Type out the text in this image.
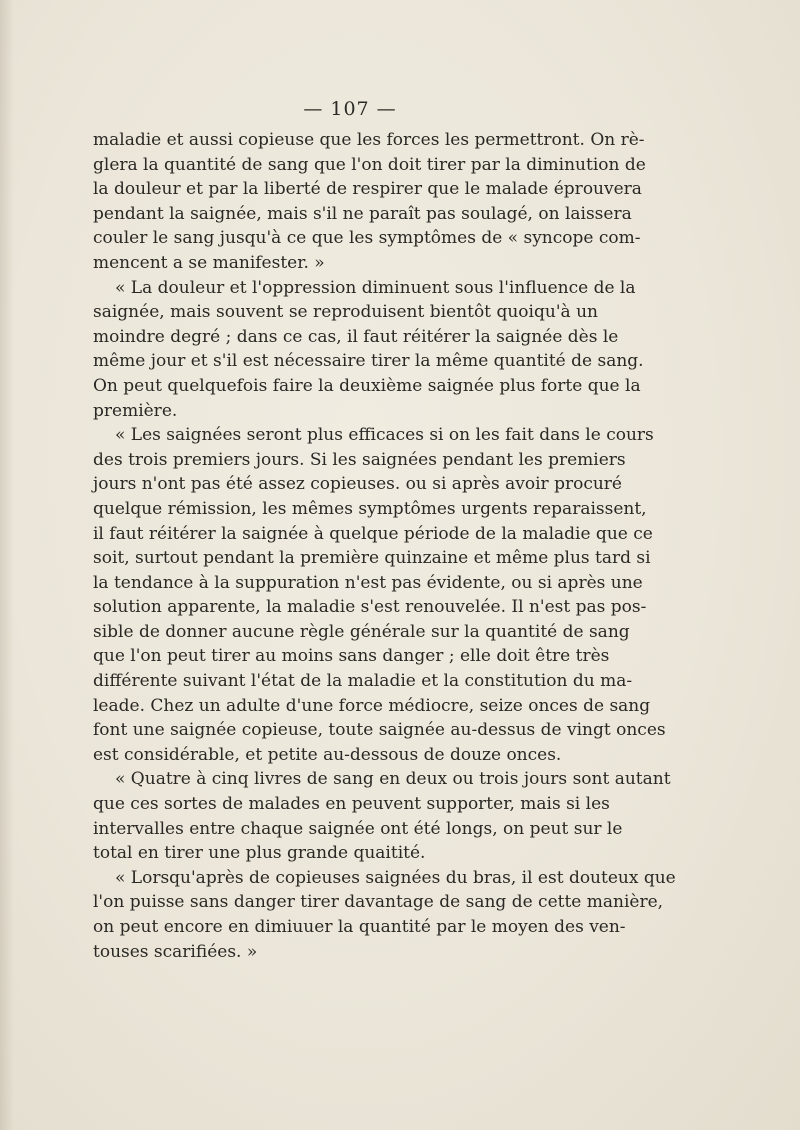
— 107 —
maladie et aussi copieuse que les forces les permettront. On rè-
glera la quantité de sang que l'on doit tirer par la diminution de
la douleur et par la liberté de respirer que le malade éprouvera
pendant la saignée, mais s'il ne paraît pas soulagé, on laissera
couler le sang jusqu'à ce que les symptômes de « syncope com-
mencent a se manifester. »
« La douleur et l'oppression diminuent sous l'influence de la
saignée, mais souvent se reproduisent bientôt quoiqu'à un
moindre degré ; dans ce cas, il faut réitérer la saignée dès le
même jour et s'il est nécessaire tirer la même quantité de sang.
On peut quelquefois faire la deuxième saignée plus forte que la
première.
« Les saignées seront plus efficaces si on les fait dans le cours
des trois premiers jours. Si les saignées pendant les premiers
jours n'ont pas été assez copieuses. ou si après avoir procuré
quelque rémission, les mêmes symptômes urgents reparaissent,
il faut réitérer la saignée à quelque période de la maladie que ce
soit, surtout pendant la première quinzaine et même plus tard si
la tendance à la suppuration n'est pas évidente, ou si après une
solution apparente, la maladie s'est renouvelée. Il n'est pas pos-
sible de donner aucune règle générale sur la quantité de sang
que l'on peut tirer au moins sans danger ; elle doit être très
différente suivant l'état de la maladie et la constitution du ma-
leade. Chez un adulte d'une force médiocre, seize onces de sang
font une saignée copieuse, toute saignée au-dessus de vingt onces
est considérable, et petite au-dessous de douze onces.
« Quatre à cinq livres de sang en deux ou trois jours sont autant
que ces sortes de malades en peuvent supporter, mais si les
intervalles entre chaque saignée ont été longs, on peut sur le
total en tirer une plus grande quaitité.
« Lorsqu'après de copieuses saignées du bras, il est douteux que
l'on puisse sans danger tirer davantage de sang de cette manière,
on peut encore en dimiuuer la quantité par le moyen des ven-
touses scarifiées. »
